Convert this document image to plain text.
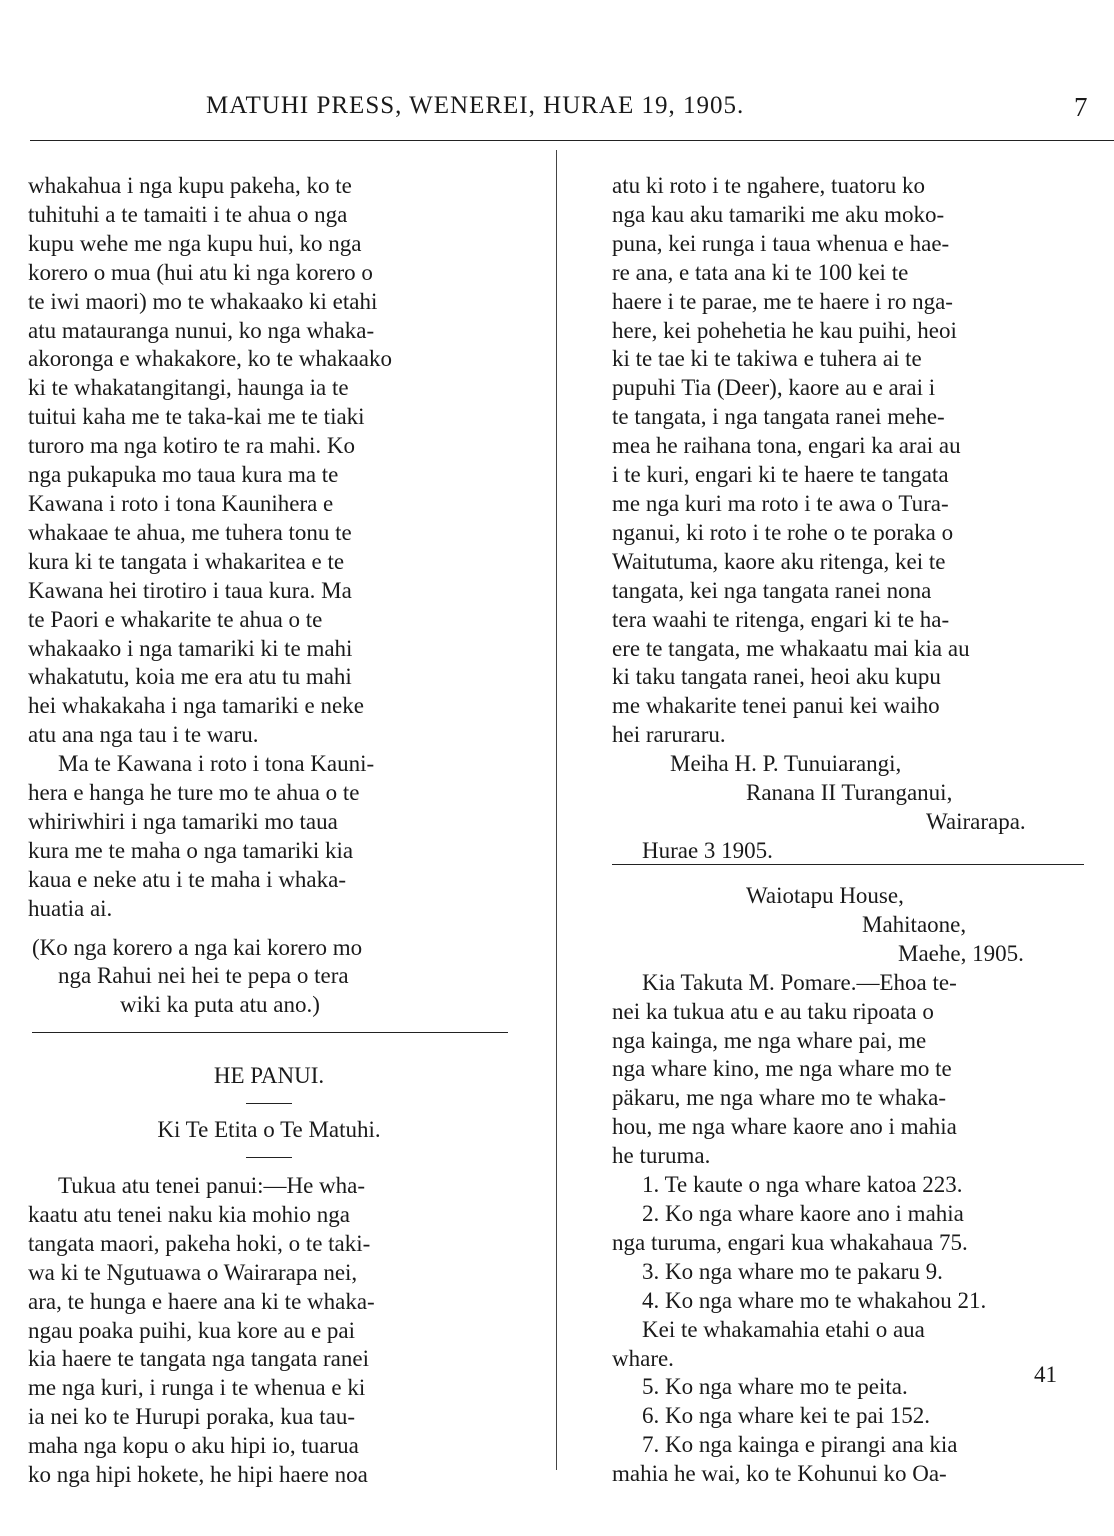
MATUHI PRESS, WENEREI, HURAE 19, 1905.	7

whakahua i nga kupu pakeha, ko te
tuhituhi a te tamaiti i te ahua o nga
kupu wehe me nga kupu hui, ko nga
korero o mua (hui atu ki nga korero o
te iwi maori) mo te whakaako ki etahi
atu matauranga nunui, ko nga whaka-
akoronga e whakakore, ko te whakaako
ki te whakatangitangi, haunga ia te
tuitui kaha me te taka-kai me te tiaki
turoro ma nga kotiro te ra mahi. Ko
nga pukapuka mo taua kura ma te
Kawana i roto i tona Kaunihera e
whakaae te ahua, me tuhera tonu te
kura ki te tangata i whakaritea e te
Kawana hei tirotiro i taua kura. Ma
te Paori e whakarite te ahua o te
whakaako i nga tamariki ki te mahi
whakatutu, koia me era atu tu mahi
hei whakakaha i nga tamariki e neke
atu ana nga tau i te waru.

Ma te Kawana i roto i tona Kauni-
hera e hanga he ture mo te ahua o te
whiriwhiri i nga tamariki mo taua
kura me te maha o nga tamariki kia
kaua e neke atu i te maha i whaka-
huatia ai.

(Ko nga korero a nga kai korero mo
nga Rahui nei hei te pepa o tera
wiki ka puta atu ano.)

HE PANUI.

Ki Te Etita o Te Matuhi.

Tukua atu tenei panui:—He wha-
kaatu atu tenei naku kia mohio nga
tangata maori, pakeha hoki, o te taki-
wa ki te Ngutuawa o Wairarapa nei,
ara, te hunga e haere ana ki te whaka-
ngau poaka puihi, kua kore au e pai
kia haere te tangata nga tangata ranei
me nga kuri, i runga i te whenua e ki
ia nei ko te Hurupi poraka, kua tau-
maha nga kopu o aku hipi io, tuarua
ko nga hipi hokete, he hipi haere noa

atu ki roto i te ngahere, tuatoru ko
nga kau aku tamariki me aku moko-
puna, kei runga i taua whenua e hae-
re ana, e tata ana ki te 100 kei te
haere i te parae, me te haere i ro nga-
here, kei pohehetia he kau puihi, heoi
ki te tae ki te takiwa e tuhera ai te
pupuhi Tia (Deer), kaore au e arai i
te tangata, i nga tangata ranei mehe-
mea he raihana tona, engari ka arai au
i te kuri, engari ki te haere te tangata
me nga kuri ma roto i te awa o Tura-
nganui, ki roto i te rohe o te poraka o
Waitutuma, kaore aku ritenga, kei te
tangata, kei nga tangata ranei nona
tera waahi te ritenga, engari ki te ha-
ere te tangata, me whakaatu mai kia au
ki taku tangata ranei, heoi aku kupu
me whakarite tenei panui kei waiho
hei raruraru.

Meiha H. P. Tunuiarangi,
Ranana II Turanganui,
Wairarapa.
Hurae 3 1905.

Waiotapu House,
Mahitaone,
Maehe, 1905.

Kia Takuta M. Pomare.—Ehoa te-
nei ka tukua atu e au taku ripoata o
nga kainga, me nga whare pai, me
nga whare kino, me nga whare mo te
päkaru, me nga whare mo te whaka-
hou, me nga whare kaore ano i mahia
he turuma.

1. Te kaute o nga whare katoa 223.
2. Ko nga whare kaore ano i mahia
nga turuma, engari kua whakahaua 75.
3. Ko nga whare mo te pakaru 9.
4. Ko nga whare mo te whakahou 21.
Kei te whakamahia etahi o aua
whare.
5. Ko nga whare mo te peita.
6. Ko nga whare kei te pai 152.
7. Ko nga kainga e pirangi ana kia
mahia he wai, ko te Kohunui ko Oa-

41
